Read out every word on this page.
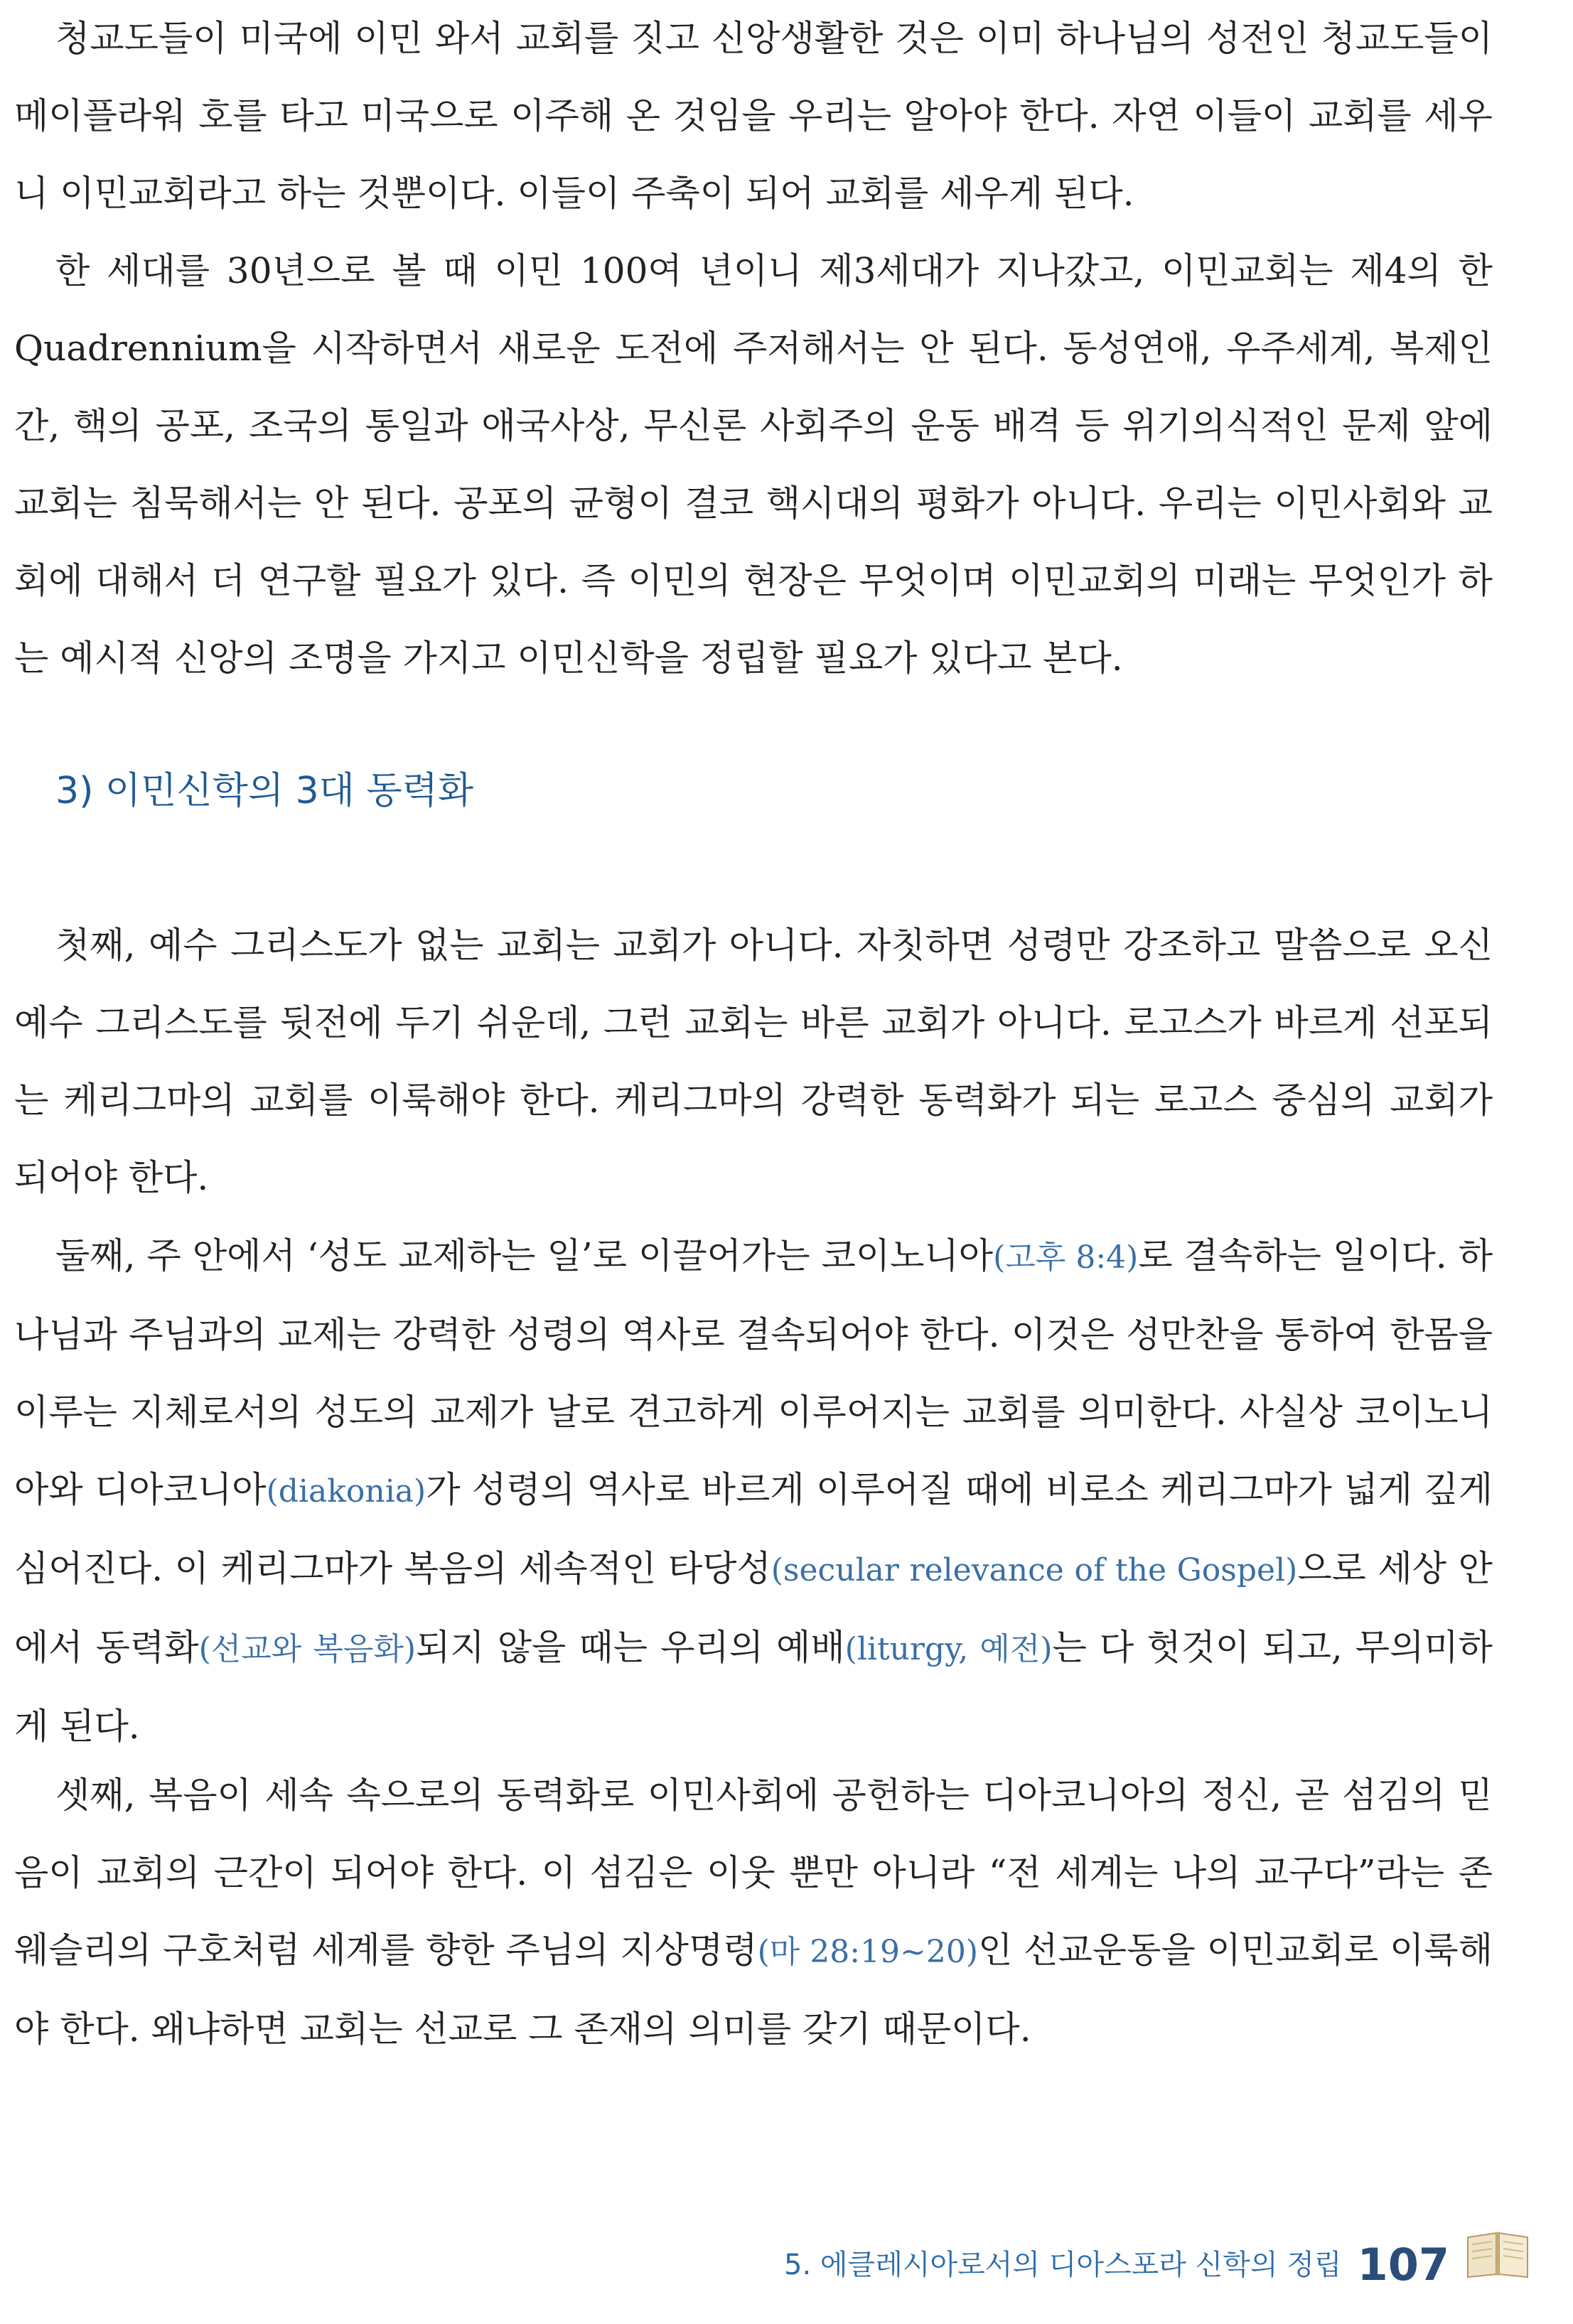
청교도들이 미국에 이민 와서 교회를 짓고 신앙생활한 것은 이미 하나님의 성전인 청교도들이 메이플라워 호를 타고 미국으로 이주해 온 것임을 우리는 알아야 한다. 자연 이들이 교회를 세우니 이민교회라고 하는 것뿐이다. 이들이 주축이 되어 교회를 세우게 된다.

한 세대를 30년으로 볼 때 이민 100여 년이니 제3세대가 지나갔고, 이민교회는 제4의 한 Quadrennium을 시작하면서 새로운 도전에 주저해서는 안 된다. 동성연애, 우주세계, 복제인간, 핵의 공포, 조국의 통일과 애국사상, 무신론 사회주의 운동 배격 등 위기의식적인 문제 앞에 교회는 침묵해서는 안 된다. 공포의 균형이 결코 핵시대의 평화가 아니다. 우리는 이민사회와 교회에 대해서 더 연구할 필요가 있다. 즉 이민의 현장은 무엇이며 이민교회의 미래는 무엇인가 하는 예시적 신앙의 조명을 가지고 이민신학을 정립할 필요가 있다고 본다.

3) 이민신학의 3대 동력화

첫째, 예수 그리스도가 없는 교회는 교회가 아니다. 자칫하면 성령만 강조하고 말씀으로 오신 예수 그리스도를 뒷전에 두기 쉬운데, 그런 교회는 바른 교회가 아니다. 로고스가 바르게 선포되는 케리그마의 교회를 이룩해야 한다. 케리그마의 강력한 동력화가 되는 로고스 중심의 교회가 되어야 한다.

둘째, 주 안에서 ‘성도 교제하는 일’로 이끌어가는 코이노니아(고후 8:4)로 결속하는 일이다. 하나님과 주님과의 교제는 강력한 성령의 역사로 결속되어야 한다. 이것은 성만찬을 통하여 한몸을 이루는 지체로서의 성도의 교제가 날로 견고하게 이루어지는 교회를 의미한다. 사실상 코이노니아와 디아코니아(diakonia)가 성령의 역사로 바르게 이루어질 때에 비로소 케리그마가 넓게 깊게 심어진다. 이 케리그마가 복음의 세속적인 타당성(secular relevance of the Gospel)으로 세상 안에서 동력화(선교와 복음화)되지 않을 때는 우리의 예배(liturgy, 예전)는 다 헛것이 되고, 무의미하게 된다.

셋째, 복음이 세속 속으로의 동력화로 이민사회에 공헌하는 디아코니아의 정신, 곧 섬김의 믿음이 교회의 근간이 되어야 한다. 이 섬김은 이웃 뿐만 아니라 “전 세계는 나의 교구다”라는 존 웨슬리의 구호처럼 세계를 향한 주님의 지상명령(마 28:19~20)인 선교운동을 이민교회로 이룩해야 한다. 왜냐하면 교회는 선교로 그 존재의 의미를 갖기 때문이다.

5. 에클레시아로서의 디아스포라 신학의 정립 107
